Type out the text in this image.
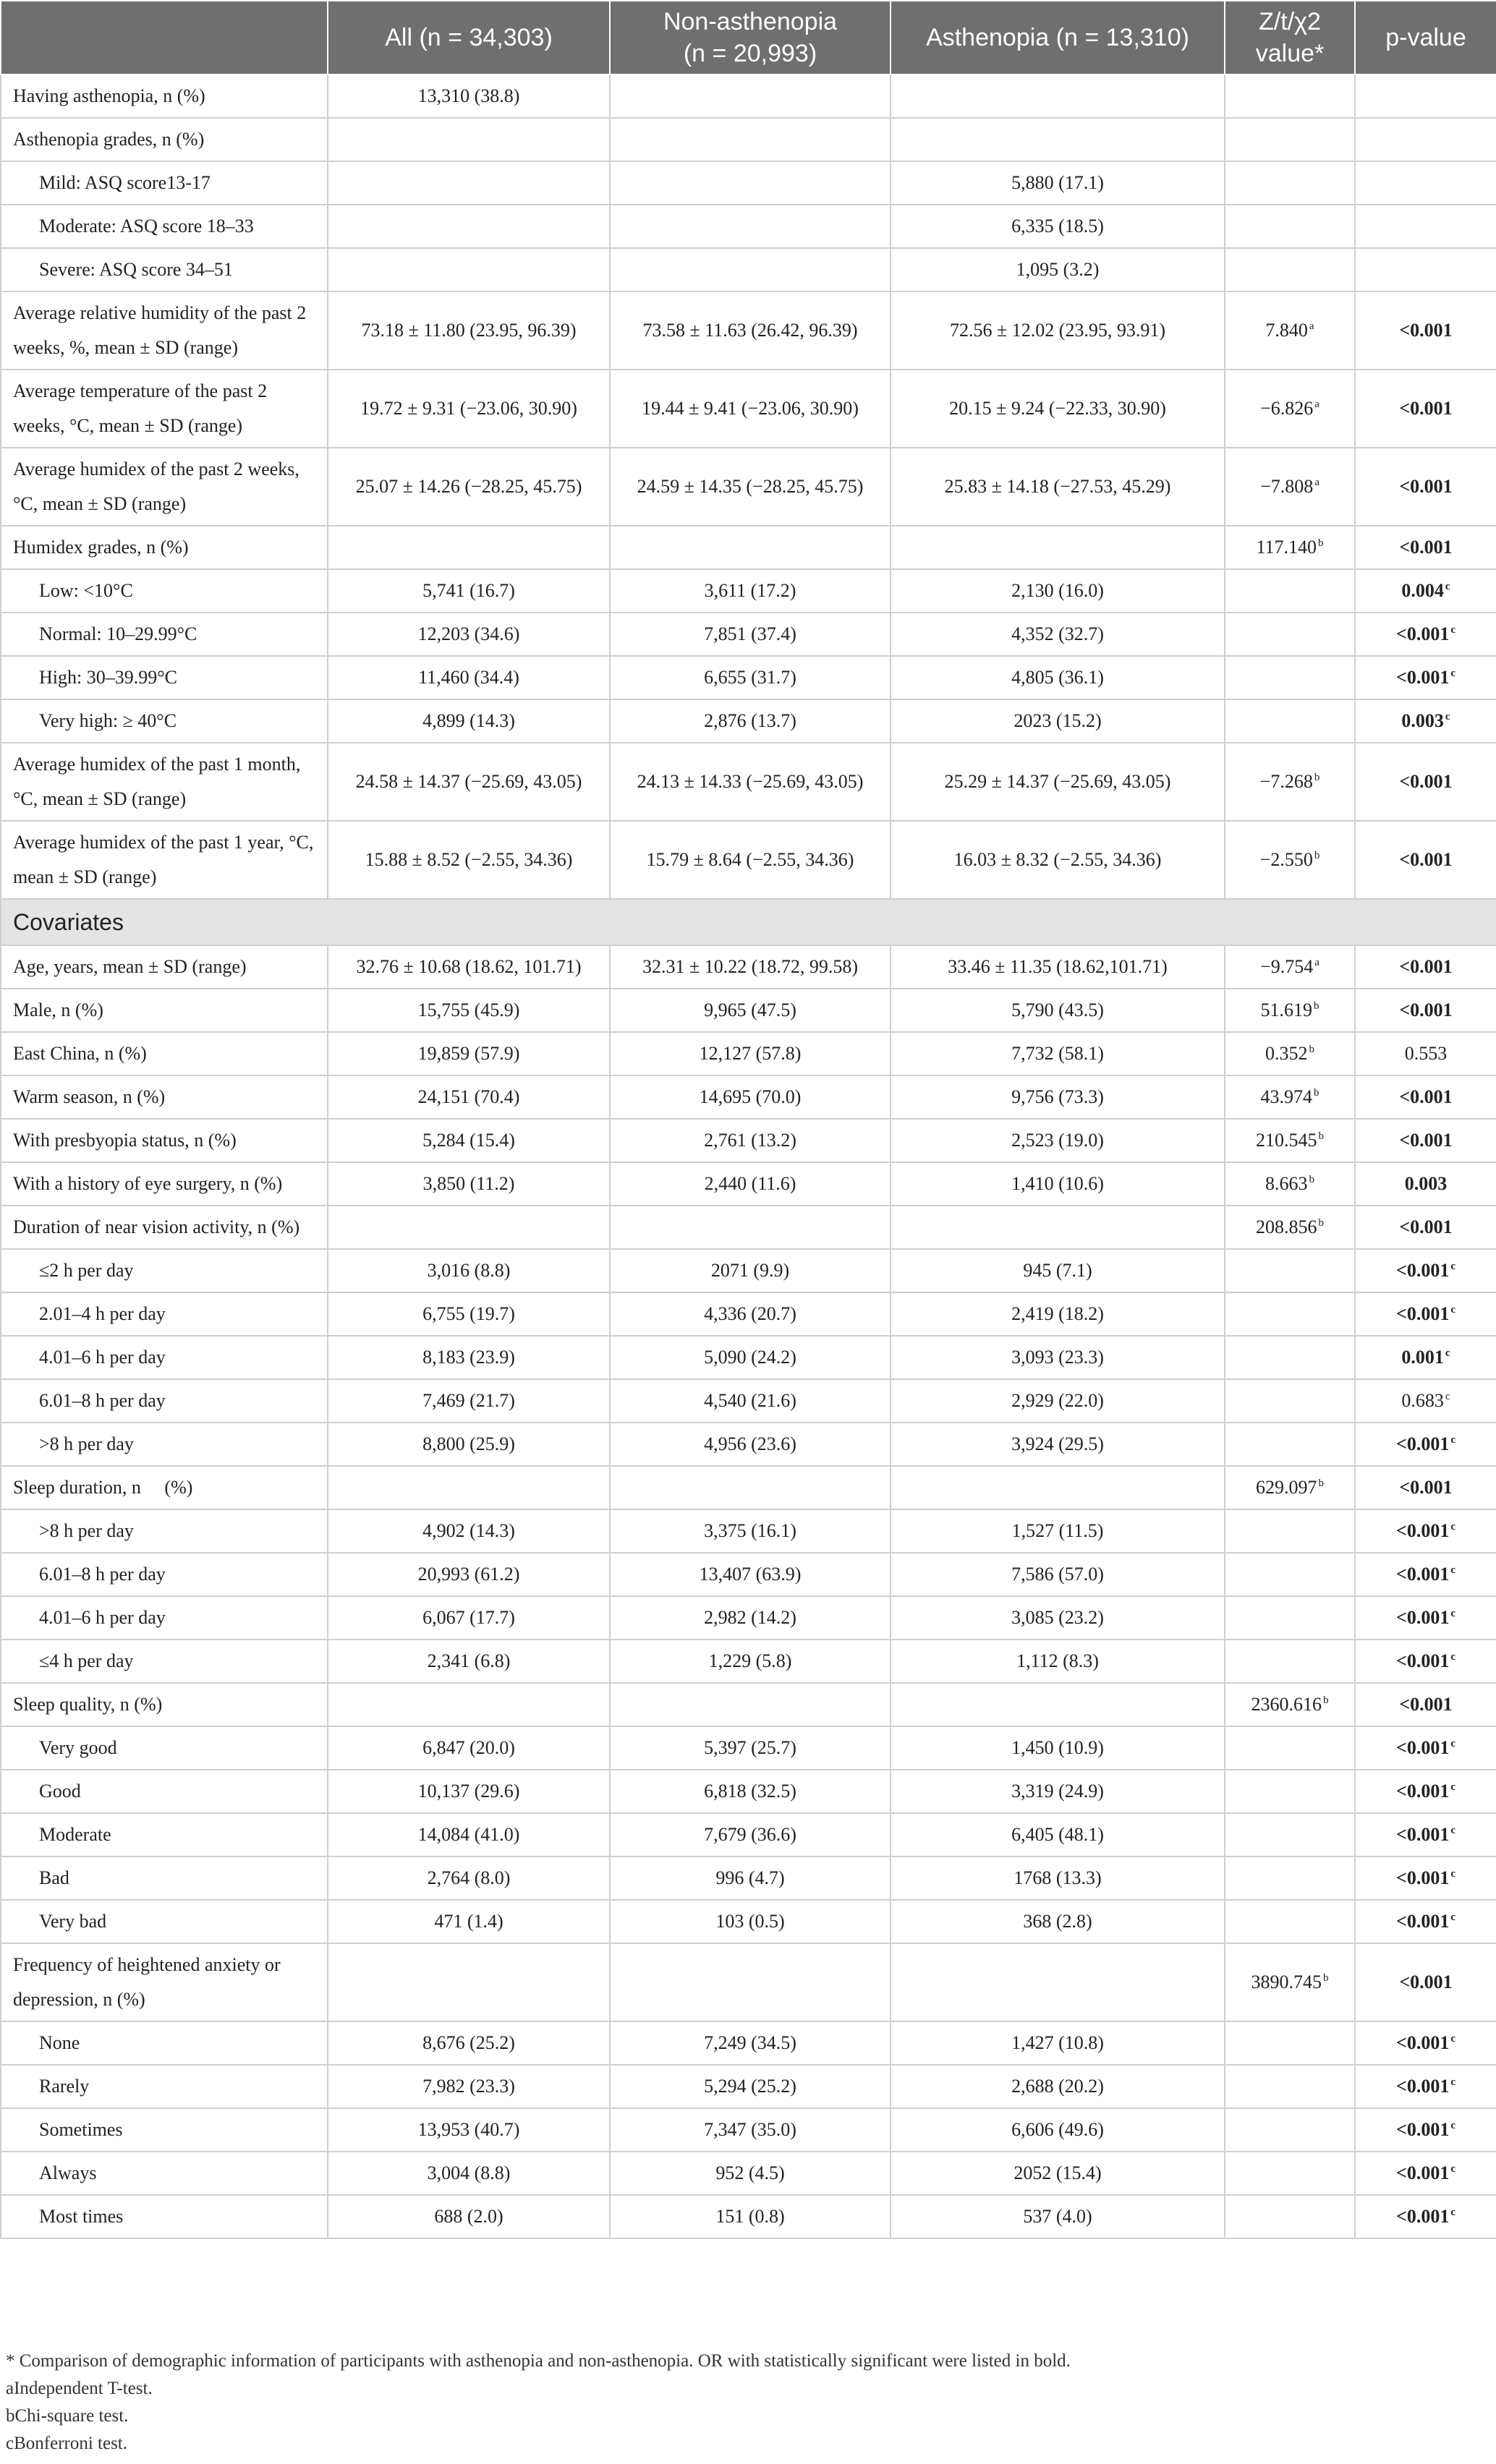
	All (n = 34,303)	Non-asthenopia
(n = 20,993)	Asthenopia (n = 13,310)	Z/t/χ2
value*	p-value
Having asthenopia, n (%)	13,310 (38.8)				
Asthenopia grades, n (%)					
Mild: ASQ score13-17			5,880 (17.1)		
Moderate: ASQ score 18–33			6,335 (18.5)		
Severe: ASQ score 34–51			1,095 (3.2)		
Average relative humidity of the past 2 weeks, %, mean ± SD (range)	73.18 ± 11.80 (23.95, 96.39)	73.58 ± 11.63 (26.42, 96.39)	72.56 ± 12.02 (23.95, 93.91)	7.840 $^a$	<0.001
Average temperature of the past 2 weeks, °C, mean ± SD (range)	19.72 ± 9.31 (−23.06, 30.90)	19.44 ± 9.41 (−23.06, 30.90)	20.15 ± 9.24 (−22.33, 30.90)	−6.826 $^a$	<0.001
Average humidex of the past 2 weeks, °C, mean ± SD (range)	25.07 ± 14.26 (−28.25, 45.75)	24.59 ± 14.35 (−28.25, 45.75)	25.83 ± 14.18 (−27.53, 45.29)	−7.808 $^a$	<0.001
Humidex grades, n (%)				117.140 $^b$	<0.001
Low: <10°C	5,741 (16.7)	3,611 (17.2)	2,130 (16.0)		0.004 $^c$
Normal: 10–29.99°C	12,203 (34.6)	7,851 (37.4)	4,352 (32.7)		<0.001 $^c$
High: 30–39.99°C	11,460 (34.4)	6,655 (31.7)	4,805 (36.1)		<0.001 $^c$
Very high: ≥ 40°C	4,899 (14.3)	2,876 (13.7)	2023 (15.2)		0.003 $^c$
Average humidex of the past 1 month, °C, mean ± SD (range)	24.58 ± 14.37 (−25.69, 43.05)	24.13 ± 14.33 (−25.69, 43.05)	25.29 ± 14.37 (−25.69, 43.05)	−7.268 $^b$	<0.001
Average humidex of the past 1 year, °C, mean ± SD (range)	15.88 ± 8.52 (−2.55, 34.36)	15.79 ± 8.64 (−2.55, 34.36)	16.03 ± 8.32 (−2.55, 34.36)	−2.550 $^b$	<0.001
Covariates					
Age, years, mean ± SD (range)	32.76 ± 10.68 (18.62, 101.71)	32.31 ± 10.22 (18.72, 99.58)	33.46 ± 11.35 (18.62,101.71)	−9.754 $^a$	<0.001
Male, n (%)	15,755 (45.9)	9,965 (47.5)	5,790 (43.5)	51.619 $^b$	<0.001
East China, n (%)	19,859 (57.9)	12,127 (57.8)	7,732 (58.1)	0.352 $^b$	0.553
Warm season, n (%)	24,151 (70.4)	14,695 (70.0)	9,756 (73.3)	43.974 $^b$	<0.001
With presbyopia status, n (%)	5,284 (15.4)	2,761 (13.2)	2,523 (19.0)	210.545 $^b$	<0.001
With a history of eye surgery, n (%)	3,850 (11.2)	2,440 (11.6)	1,410 (10.6)	8.663 $^b$	0.003
Duration of near vision activity, n (%)				208.856 $^b$	<0.001
≤2 h per day	3,016 (8.8)	2071 (9.9)	945 (7.1)		<0.001 $^c$
2.01–4 h per day	6,755 (19.7)	4,336 (20.7)	2,419 (18.2)		<0.001 $^c$
4.01–6 h per day	8,183 (23.9)	5,090 (24.2)	3,093 (23.3)		0.001 $^c$
6.01–8 h per day	7,469 (21.7)	4,540 (21.6)	2,929 (22.0)		0.683 $^c$
>8 h per day	8,800 (25.9)	4,956 (23.6)	3,924 (29.5)		<0.001 $^c$
Sleep duration, n  (%)				629.097 $^b$	<0.001
>8 h per day	4,902 (14.3)	3,375 (16.1)	1,527 (11.5)		<0.001 $^c$
6.01–8 h per day	20,993 (61.2)	13,407 (63.9)	7,586 (57.0)		<0.001 $^c$
4.01–6 h per day	6,067 (17.7)	2,982 (14.2)	3,085 (23.2)		<0.001 $^c$
≤4 h per day	2,341 (6.8)	1,229 (5.8)	1,112 (8.3)		<0.001 $^c$
Sleep quality, n (%)				2360.616 $^b$	<0.001
Very good	6,847 (20.0)	5,397 (25.7)	1,450 (10.9)		<0.001 $^c$
Good	10,137 (29.6)	6,818 (32.5)	3,319 (24.9)		<0.001 $^c$
Moderate	14,084 (41.0)	7,679 (36.6)	6,405 (48.1)		<0.001 $^c$
Bad	2,764 (8.0)	996 (4.7)	1768 (13.3)		<0.001 $^c$
Very bad	471 (1.4)	103 (0.5)	368 (2.8)		<0.001 $^c$
Frequency of heightened anxiety or depression, n (%)				3890.745 $^b$	<0.001
None	8,676 (25.2)	7,249 (34.5)	1,427 (10.8)		<0.001 $^c$
Rarely	7,982 (23.3)	5,294 (25.2)	2,688 (20.2)		<0.001 $^c$
Sometimes	13,953 (40.7)	7,347 (35.0)	6,606 (49.6)		<0.001 $^c$
Always	3,004 (8.8)	952 (4.5)	2052 (15.4)		<0.001 $^c$
Most times	688 (2.0)	151 (0.8)	537 (4.0)		<0.001 $^c$
* Comparison of demographic information of participants with asthenopia and non-asthenopia. OR with statistically significant were listed in bold.
aIndependent T-test.
bChi-square test.
cBonferroni test.
